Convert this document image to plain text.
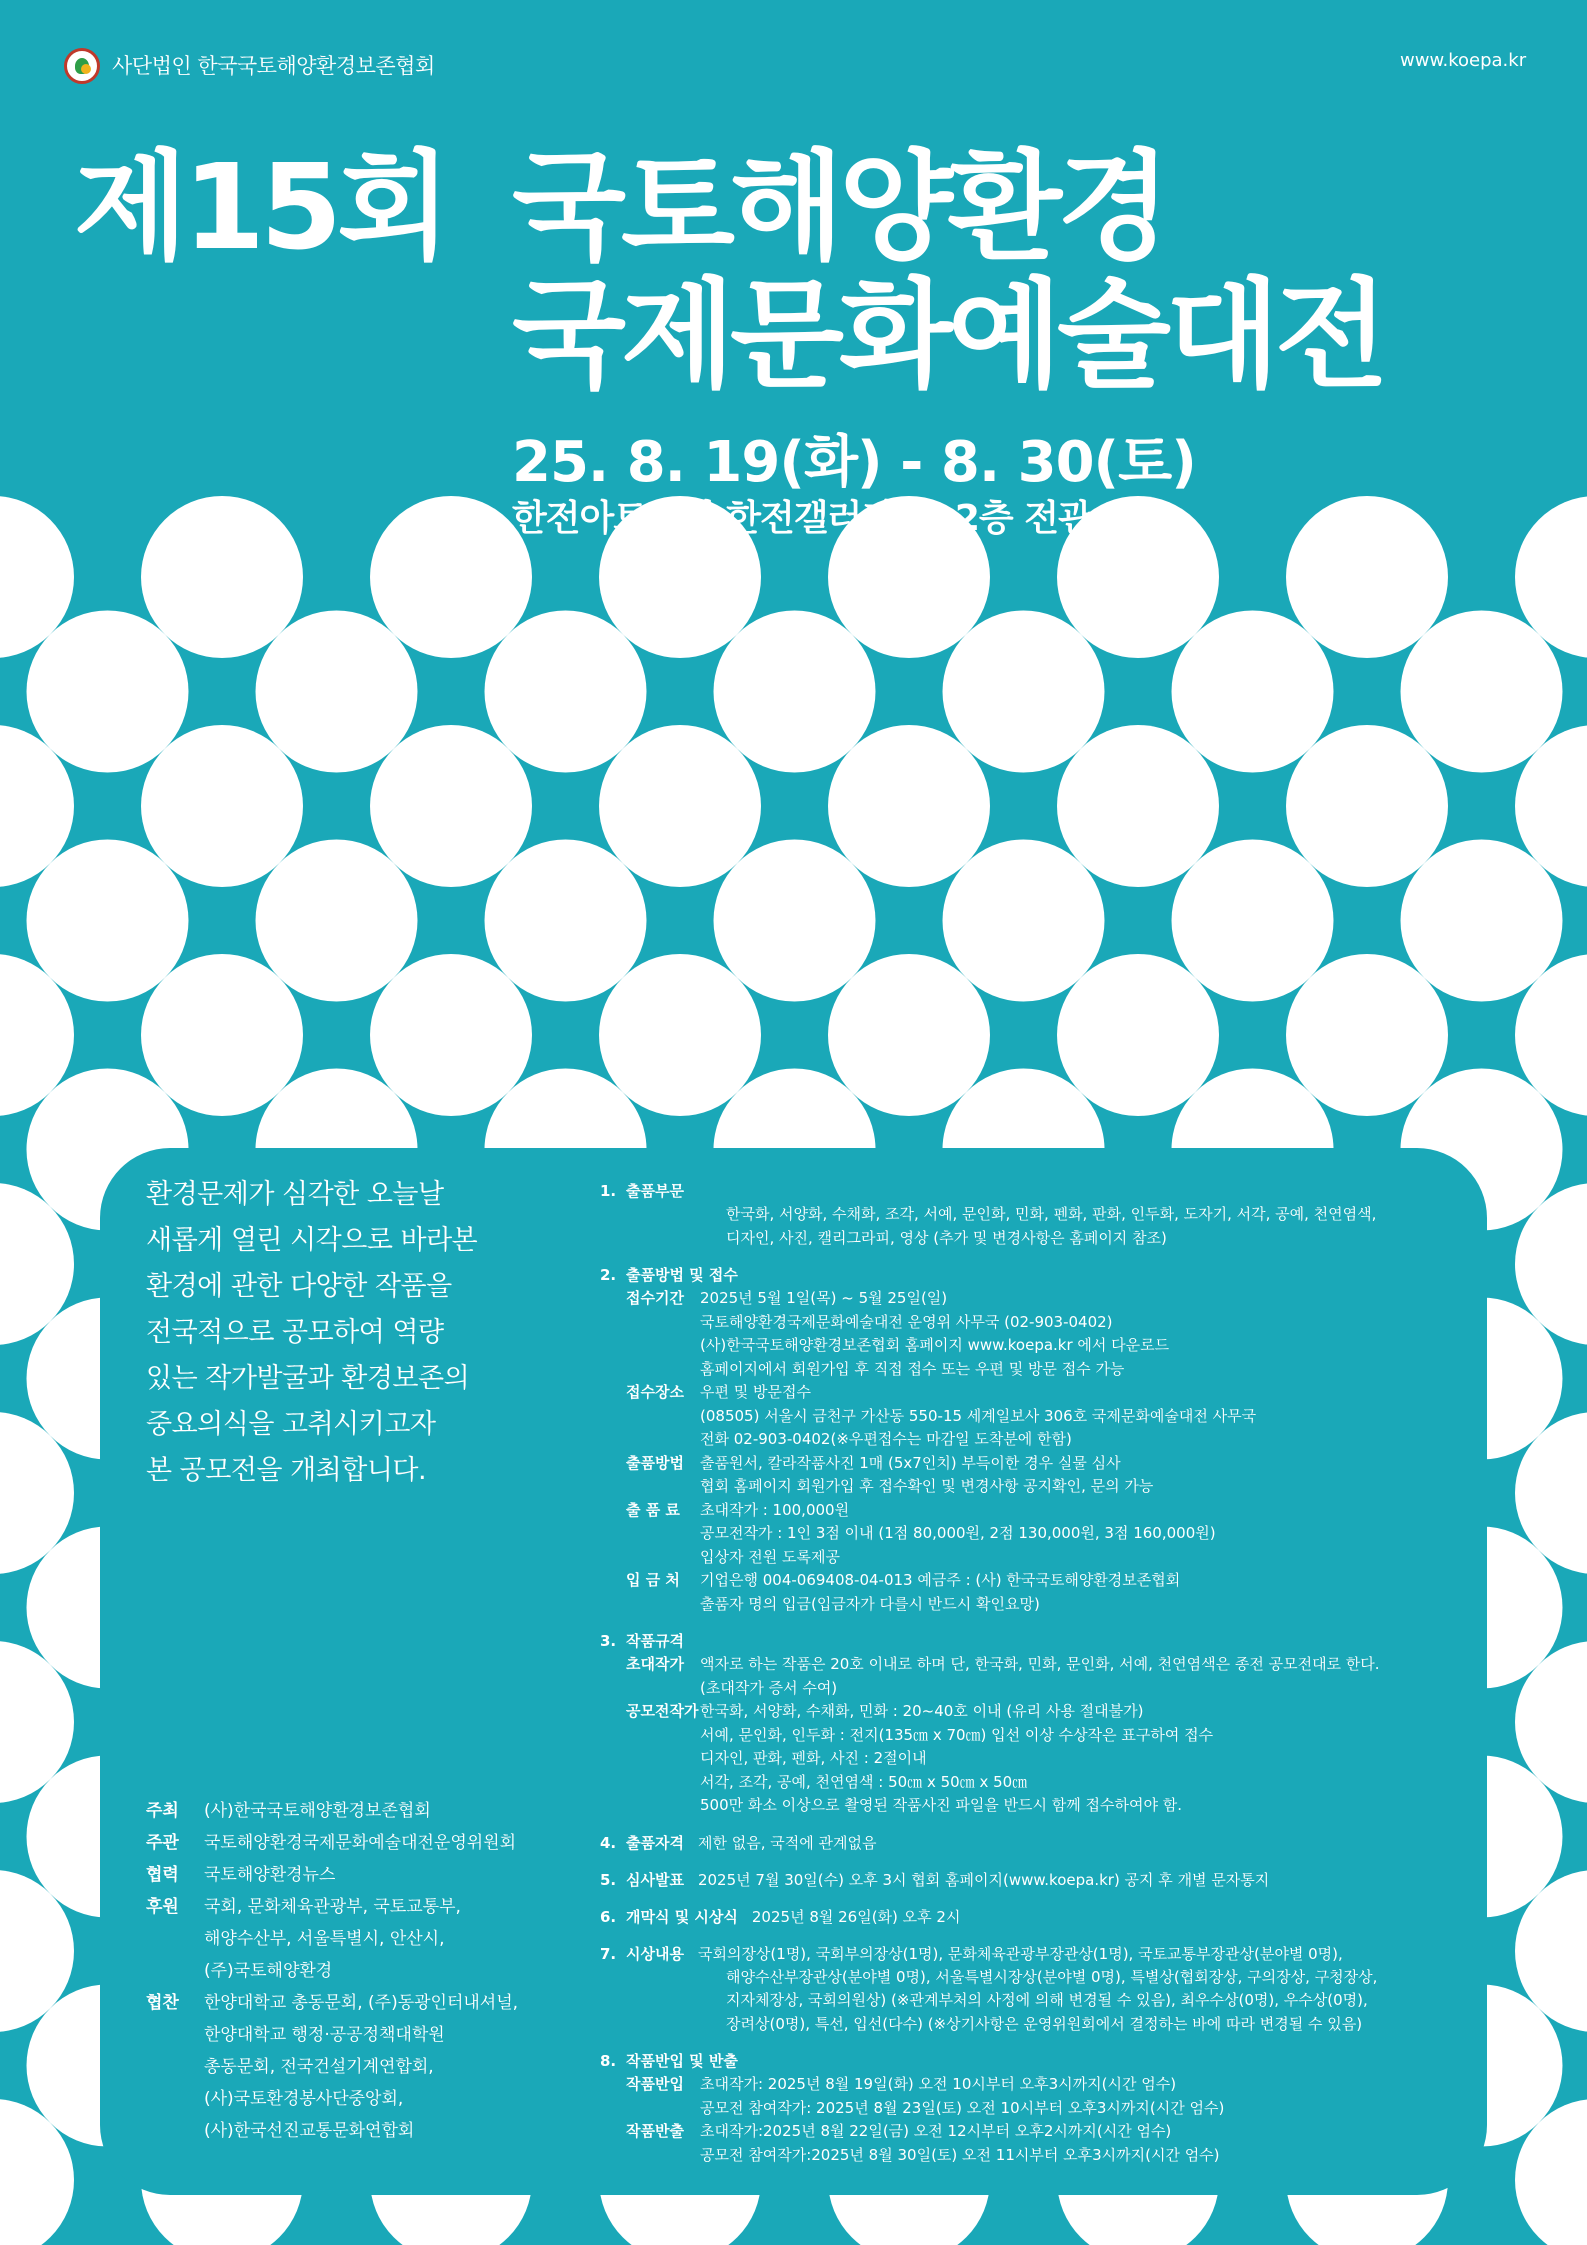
사단법인 한국국토해양환경보존협회	www.koepa.kr
제15회 국토해양환경
국제문화예술대전
25. 8. 19(화) - 8. 30(토)
한전아트센터 한전갤러리 1, 2층 전관
환경문제가 심각한 오늘날
새롭게 열린 시각으로 바라본
환경에 관한 다양한 작품을
전국적으로 공모하여 역량
있는 작가발굴과 환경보존의
중요의식을 고취시키고자
본 공모전을 개최합니다.
주최	(사)한국국토해양환경보존협회
주관	국토해양환경국제문화예술대전운영위원회
협력	국토해양환경뉴스
후원	국회, 문화체육관광부, 국토교통부,
해양수산부, 서울특별시, 안산시,
(주)국토해양환경
협찬	한양대학교 총동문회, (주)동광인터내셔널,
한양대학교 행정·공공정책대학원
총동문회, 전국건설기계연합회,
(사)국토환경봉사단중앙회,
(사)한국선진교통문화연합회
1. 출품부문
한국화, 서양화, 수채화, 조각, 서예, 문인화, 민화, 펜화, 판화, 인두화, 도자기, 서각, 공예, 천연염색,
디자인, 사진, 캘리그라피, 영상 (추가 및 변경사항은 홈페이지 참조)
2. 출품방법 및 접수
접수기간	2025년 5월 1일(목) ~ 5월 25일(일)
국토해양환경국제문화예술대전 운영위 사무국 (02-903-0402)
(사)한국국토해양환경보존협회 홈페이지 www.koepa.kr 에서 다운로드
홈페이지에서 회원가입 후 직접 접수 또는 우편 및 방문 접수 가능
접수장소	우편 및 방문접수
(08505) 서울시 금천구 가산동 550-15 세계일보사 306호 국제문화예술대전 사무국
전화 02-903-0402(※우편접수는 마감일 도착분에 한함)
출품방법	출품원서, 칼라작품사진 1매 (5x7인치) 부득이한 경우 실물 심사
협회 홈페이지 회원가입 후 접수확인 및 변경사항 공지확인, 문의 가능
출 품 료	초대작가 : 100,000원
공모전작가 : 1인 3점 이내 (1점 80,000원, 2점 130,000원, 3점 160,000원)
입상자 전원 도록제공
입 금 처	기업은행 004-069408-04-013 예금주 : (사) 한국국토해양환경보존협회
출품자 명의 입금(입금자가 다를시 반드시 확인요망)
3. 작품규격
초대작가	액자로 하는 작품은 20호 이내로 하며 단, 한국화, 민화, 문인화, 서예, 천연염색은 종전 공모전대로 한다.
(초대작가 증서 수여)
공모전작가 한국화, 서양화, 수채화, 민화 : 20~40호 이내 (유리 사용 절대불가)
서예, 문인화, 인두화 : 전지(135㎝ x 70㎝) 입선 이상 수상작은 표구하여 접수
디자인, 판화, 펜화, 사진 : 2절이내
서각, 조각, 공예, 천연염색 : 50㎝ x 50㎝ x 50㎝
500만 화소 이상으로 촬영된 작품사진 파일을 반드시 함께 접수하여야 함.
4. 출품자격 제한 없음, 국적에 관계없음
5. 심사발표 2025년 7월 30일(수) 오후 3시 협회 홈페이지(www.koepa.kr) 공지 후 개별 문자통지
6. 개막식 및 시상식 2025년 8월 26일(화) 오후 2시
7. 시상내용 국회의장상(1명), 국회부의장상(1명), 문화체육관광부장관상(1명), 국토교통부장관상(분야별 0명),
해양수산부장관상(분야별 0명), 서울특별시장상(분야별 0명), 특별상(협회장상, 구의장상, 구청장상,
지자체장상, 국회의원상) (※관계부처의 사정에 의해 변경될 수 있음), 최우수상(0명), 우수상(0명),
장려상(0명), 특선, 입선(다수) (※상기사항은 운영위원회에서 결정하는 바에 따라 변경될 수 있음)
8. 작품반입 및 반출
작품반입	초대작가: 2025년 8월 19일(화) 오전 10시부터 오후3시까지(시간 엄수)
공모전 참여작가: 2025년 8월 23일(토) 오전 10시부터 오후3시까지(시간 엄수)
작품반출	초대작가:2025년 8월 22일(금) 오전 12시부터 오후2시까지(시간 엄수)
공모전 참여작가:2025년 8월 30일(토) 오전 11시부터 오후3시까지(시간 엄수)
